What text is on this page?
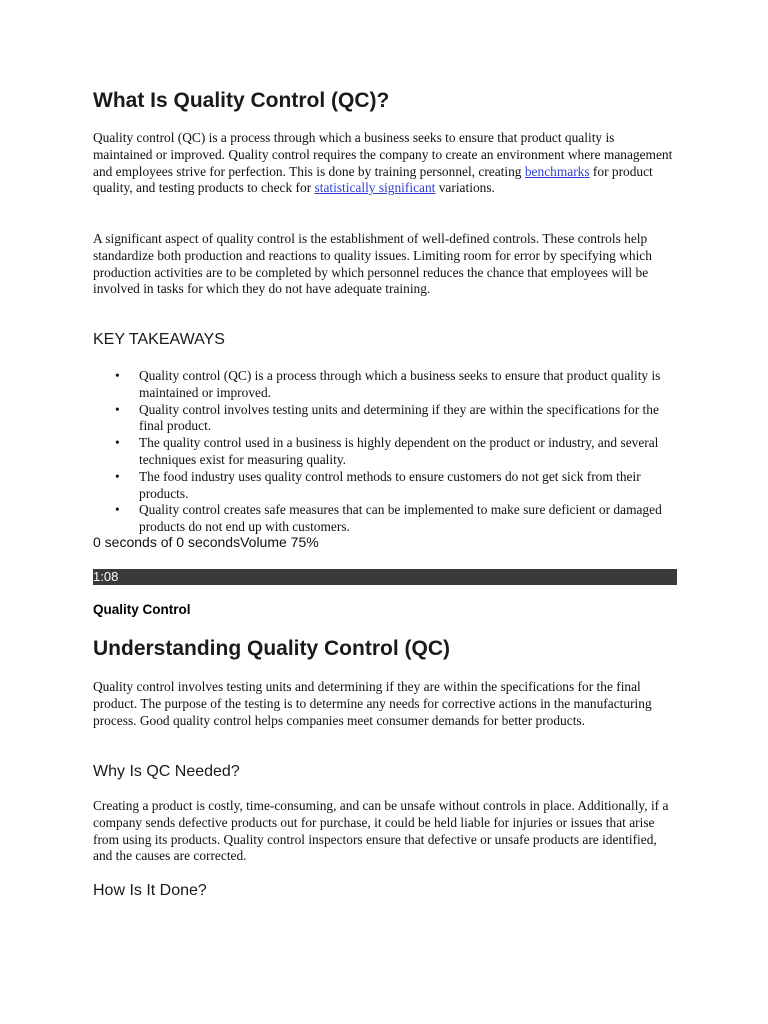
What Is Quality Control (QC)?

Quality control (QC) is a process through which a business seeks to ensure that product quality is maintained or improved. Quality control requires the company to create an environment where management and employees strive for perfection. This is done by training personnel, creating benchmarks for product quality, and testing products to check for statistically significant variations.

A significant aspect of quality control is the establishment of well-defined controls. These controls help standardize both production and reactions to quality issues. Limiting room for error by specifying which production activities are to be completed by which personnel reduces the chance that employees will be involved in tasks for which they do not have adequate training.

KEY TAKEAWAYS
• Quality control (QC) is a process through which a business seeks to ensure that product quality is maintained or improved.
• Quality control involves testing units and determining if they are within the specifications for the final product.
• The quality control used in a business is highly dependent on the product or industry, and several techniques exist for measuring quality.
• The food industry uses quality control methods to ensure customers do not get sick from their products.
• Quality control creates safe measures that can be implemented to make sure deficient or damaged products do not end up with customers.
0 seconds of 0 secondsVolume 75%
1:08
Quality Control
Understanding Quality Control (QC)

Quality control involves testing units and determining if they are within the specifications for the final product. The purpose of the testing is to determine any needs for corrective actions in the manufacturing process. Good quality control helps companies meet consumer demands for better products.

Why Is QC Needed?

Creating a product is costly, time-consuming, and can be unsafe without controls in place. Additionally, if a company sends defective products out for purchase, it could be held liable for injuries or issues that arise from using its products. Quality control inspectors ensure that defective or unsafe products are identified, and the causes are corrected.

How Is It Done?
